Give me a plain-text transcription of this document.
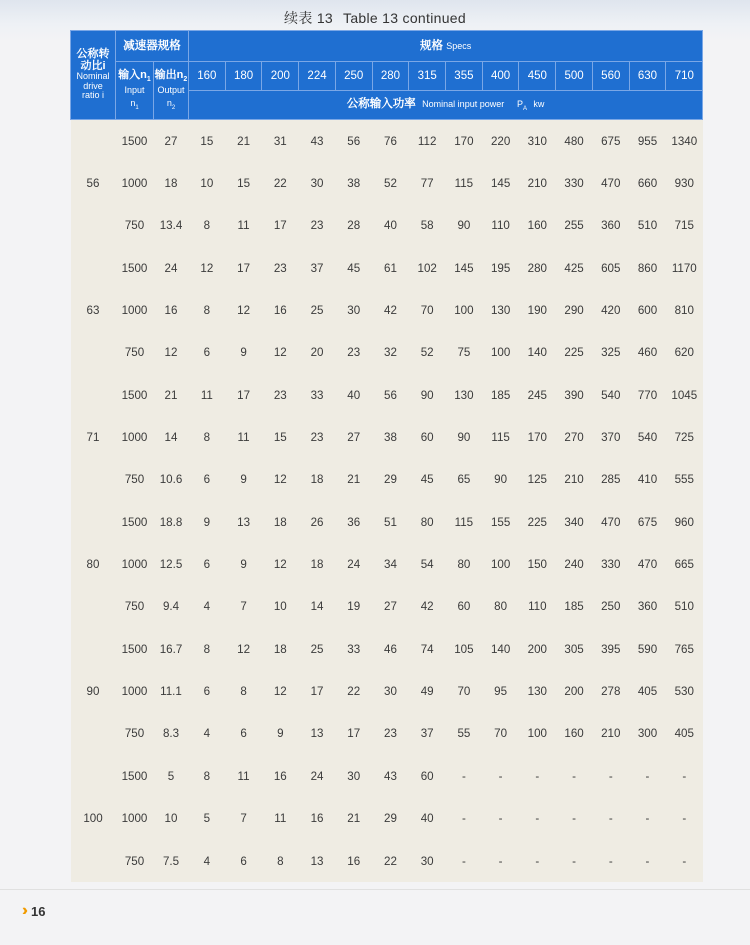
续表 13 Table 13 continued
公称转
动比i
Nominal
drive
ratio i	减速器规格		规格 Specs													

	输入$n_1$
Input
$n_1$	输出$n_2$
Output
$n_2$	160	180	200	224	250	280	315	355	400	450	500	560	630	710
			公称输入功率 Nominal input power $P_A$ kw													
56	1500	27	15	21	31	43	56	76	112	170	220	310	480	675	955	1340
	1000	18	10	15	22	30	38	52	77	115	145	210	330	470	660	930
	750	13.4	8	11	17	23	28	40	58	90	110	160	255	360	510	715
63	1500	24	12	17	23	37	45	61	102	145	195	280	425	605	860	1170
	1000	16	8	12	16	25	30	42	70	100	130	190	290	420	600	810
	750	12	6	9	12	20	23	32	52	75	100	140	225	325	460	620
71	1500	21	11	17	23	33	40	56	90	130	185	245	390	540	770	1045
	1000	14	8	11	15	23	27	38	60	90	115	170	270	370	540	725
	750	10.6	6	9	12	18	21	29	45	65	90	125	210	285	410	555
80	1500	18.8	9	13	18	26	36	51	80	115	155	225	340	470	675	960
	1000	12.5	6	9	12	18	24	34	54	80	100	150	240	330	470	665
	750	9.4	4	7	10	14	19	27	42	60	80	110	185	250	360	510
90	1500	16.7	8	12	18	25	33	46	74	105	140	200	305	395	590	765
	1000	11.1	6	8	12	17	22	30	49	70	95	130	200	278	405	530
	750	8.3	4	6	9	13	17	23	37	55	70	100	160	210	300	405
100	1500	5	8	11	16	24	30	43	60	-	-	-	-	-	-	-
	1000	10	5	7	11	16	21	29	40	-	-	-	-	-	-	-
	750	7.5	4	6	8	13	16	22	30	-	-	-	-	-	-	-
››› 16
